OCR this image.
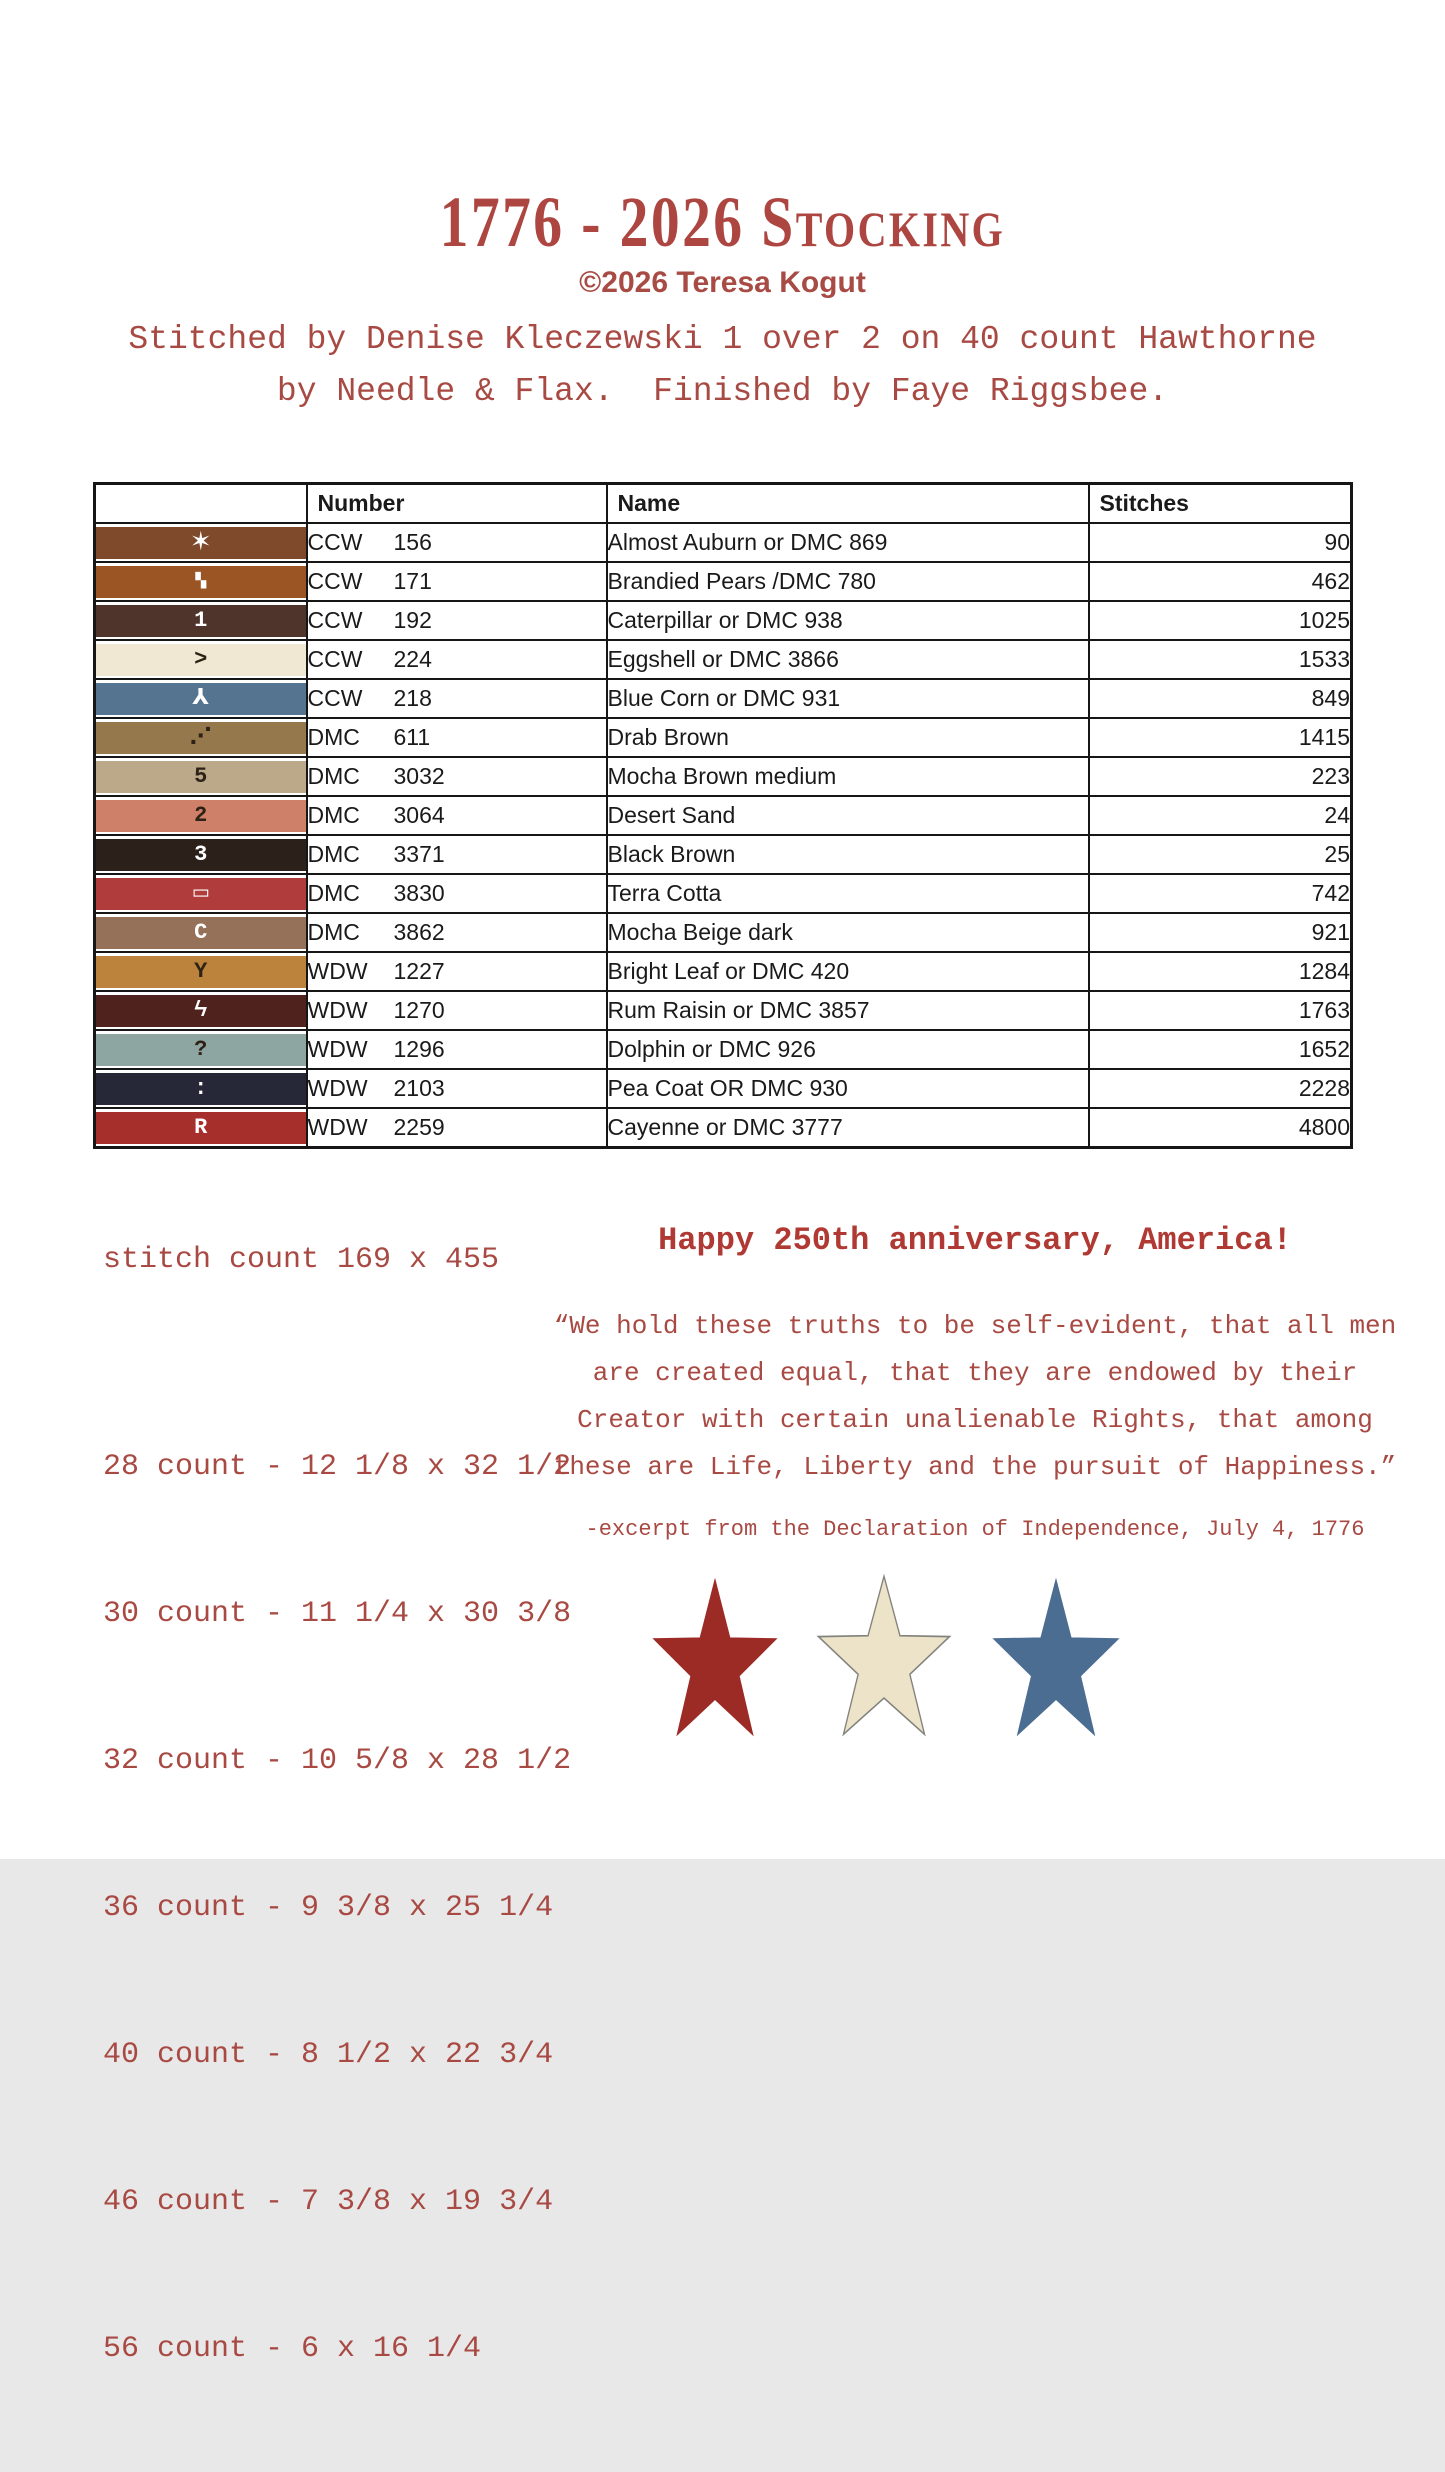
1776 - 2026 Stocking
©2026 Teresa Kogut
Stitched by Denise Kleczewski 1 over 2 on 40 count Hawthorne
by Needle & Flax.  Finished by Faye Riggsbee.
	Number	Name	Stitches

✶	CCW 156	Almost Auburn or DMC 869	90

▚	CCW 171	Brandied Pears /DMC 780	462

1	CCW 192	Caterpillar or DMC 938	1025

>	CCW 224	Eggshell or DMC 3866	1533

⅄	CCW 218	Blue Corn or DMC 931	849

⋰	DMC 611	Drab Brown	1415

5	DMC 3032	Mocha Brown medium	223

2	DMC 3064	Desert Sand	24

3	DMC 3371	Black Brown	25

▭	DMC 3830	Terra Cotta	742

C	DMC 3862	Mocha Beige dark	921

Y	WDW 1227	Bright Leaf or DMC 420	1284

ϟ	WDW 1270	Rum Raisin or DMC 3857	1763

?	WDW 1296	Dolphin or DMC 926	1652

:	WDW 2103	Pea Coat OR DMC 930	2228

R	WDW 2259	Cayenne or DMC 3777	4800
stitch count 169 x 455

28 count - 12 1/8 x 32 1/2

30 count - 11 1/4 x 30 3/8

32 count - 10 5/8 x 28 1/2

36 count - 9 3/8 x 25 1/4

40 count - 8 1/2 x 22 3/4

46 count - 7 3/8 x 19 3/4

56 count - 6 x 16 1/4

Happy 250th anniversary, America!
“We hold these truths to be self-evident, that all men
are created equal, that they are endowed by their
Creator with certain unalienable Rights, that among
these are Life, Liberty and the pursuit of Happiness.”
-excerpt from the Declaration of Independence, July 4, 1776
